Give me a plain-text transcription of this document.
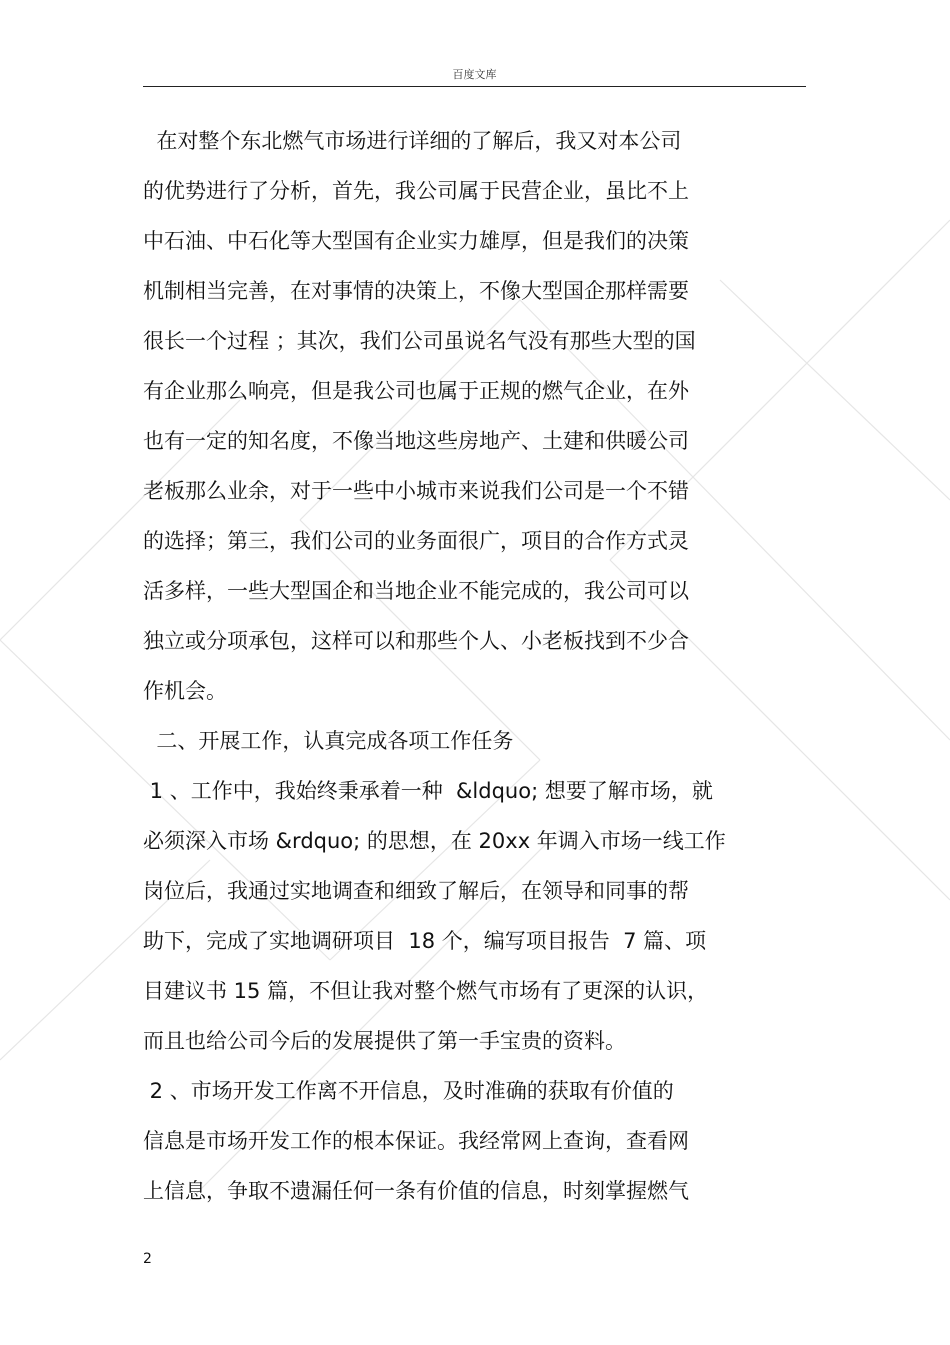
百度文库
在对整个东北燃气市场进行详细的了解后，我又对本公司
的优势进行了分析，首先，我公司属于民营企业，虽比不上
中石油、中石化等大型国有企业实力雄厚，但是我们的决策
机制相当完善，在对事情的决策上，不像大型国企那样需要
很长一个过程 ；其次，我们公司虽说名气没有那些大型的国
有企业那么响亮，但是我公司也属于正规的燃气企业，在外
也有一定的知名度，不像当地这些房地产、土建和供暖公司
老板那么业余，对于一些中小城市来说我们公司是一个不错
的选择；第三，我们公司的业务面很广，项目的合作方式灵
活多样，一些大型国企和当地企业不能完成的，我公司可以
独立或分项承包，这样可以和那些个人、小老板找到不少合
作机会。
二、开展工作，认真完成各项工作任务
1 、工作中，我始终秉承着一种  &ldquo; 想要了解市场，就
必须深入市场 &rdquo; 的思想，在 20xx 年调入市场一线工作
岗位后，我通过实地调查和细致了解后，在领导和同事的帮
助下，完成了实地调研项目  18 个，编写项目报告  7 篇、项
目建议书 15 篇，不但让我对整个燃气市场有了更深的认识，
而且也给公司今后的发展提供了第一手宝贵的资料。
2 、市场开发工作离不开信息，及时准确的获取有价值的
信息是市场开发工作的根本保证。我经常网上查询，查看网
上信息，争取不遗漏任何一条有价值的信息，时刻掌握燃气
2
